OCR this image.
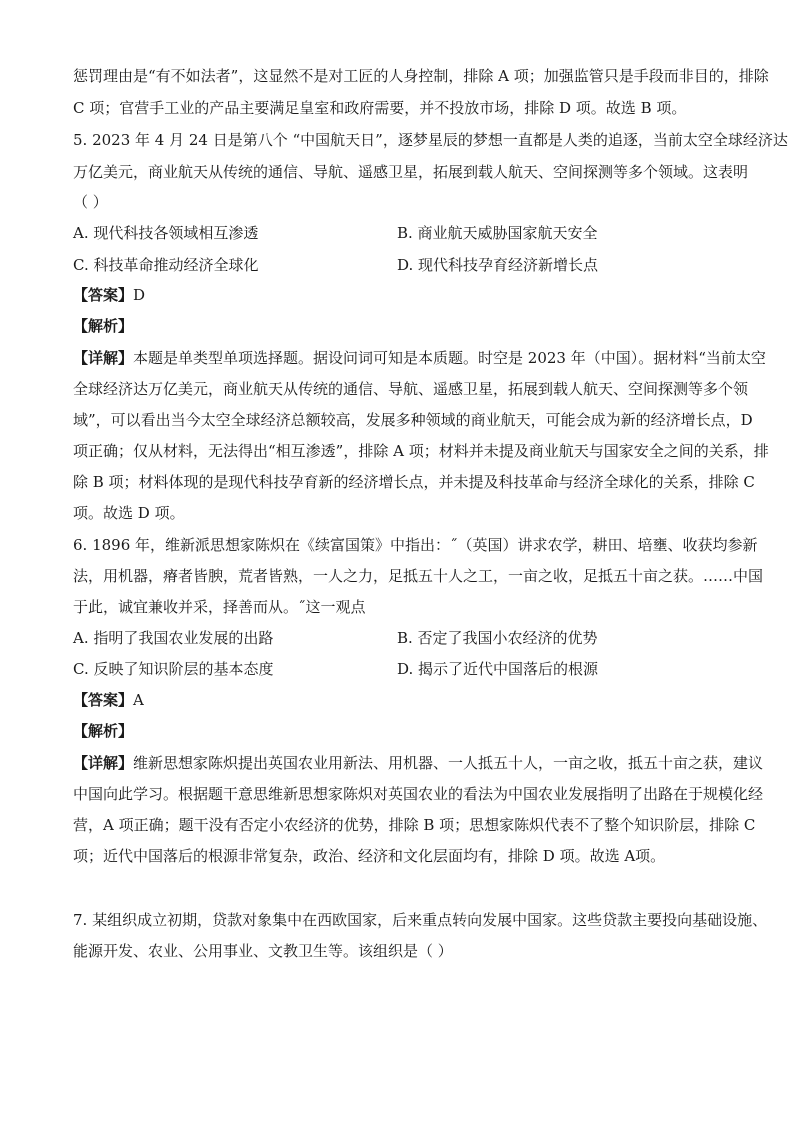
惩罚理由是“有不如法者”，这显然不是对工匠的人身控制，排除 A 项；加强监管只是手段而非目的，排除
C 项；官营手工业的产品主要满足皇室和政府需要，并不投放市场，排除 D 项。故选 B 项。
5. 2023 年 4 月 24 日是第八个 “中国航天日”，逐梦星辰的梦想一直都是人类的追逐，当前太空全球经济达
万亿美元，商业航天从传统的通信、导航、遥感卫星，拓展到载人航天、空间探测等多个领域。这表明
（ ）
A. 现代科技各领域相互渗透	B. 商业航天威胁国家航天安全
C. 科技革命推动经济全球化	D. 现代科技孕育经济新增长点
【答案】D
【解析】
【详解】本题是单类型单项选择题。据设问词可知是本质题。时空是 2023 年（中国）。据材料“当前太空
全球经济达万亿美元，商业航天从传统的通信、导航、遥感卫星，拓展到载人航天、空间探测等多个领
域”，可以看出当今太空全球经济总额较高，发展多种领域的商业航天，可能会成为新的经济增长点，D
项正确；仅从材料，无法得出“相互渗透”，排除 A 项；材料并未提及商业航天与国家安全之间的关系，排
除 B 项；材料体现的是现代科技孕育新的经济增长点，并未提及科技革命与经济全球化的关系，排除 C
项。故选 D 项。
6. 1896 年，维新派思想家陈炽在《续富国策》中指出：˝（英国）讲求农学，耕田、培壅、收获均参新
法，用机器，瘠者皆腴，荒者皆熟，一人之力，足抵五十人之工，一亩之收，足抵五十亩之获。……中国
于此，诚宜兼收并采，择善而从。˝这一观点
A. 指明了我国农业发展的出路	B. 否定了我国小农经济的优势
C. 反映了知识阶层的基本态度	D. 揭示了近代中国落后的根源
【答案】A
【解析】
【详解】维新思想家陈炽提出英国农业用新法、用机器、一人抵五十人，一亩之收，抵五十亩之获，建议
中国向此学习。根据题干意思维新思想家陈炽对英国农业的看法为中国农业发展指明了出路在于规模化经
营，A 项正确；题干没有否定小农经济的优势，排除 B 项；思想家陈炽代表不了整个知识阶层，排除 C
项；近代中国落后的根源非常复杂，政治、经济和文化层面均有，排除 D 项。故选 A项。
7. 某组织成立初期，贷款对象集中在西欧国家，后来重点转向发展中国家。这些贷款主要投向基础设施、
能源开发、农业、公用事业、文教卫生等。该组织是（ ）
